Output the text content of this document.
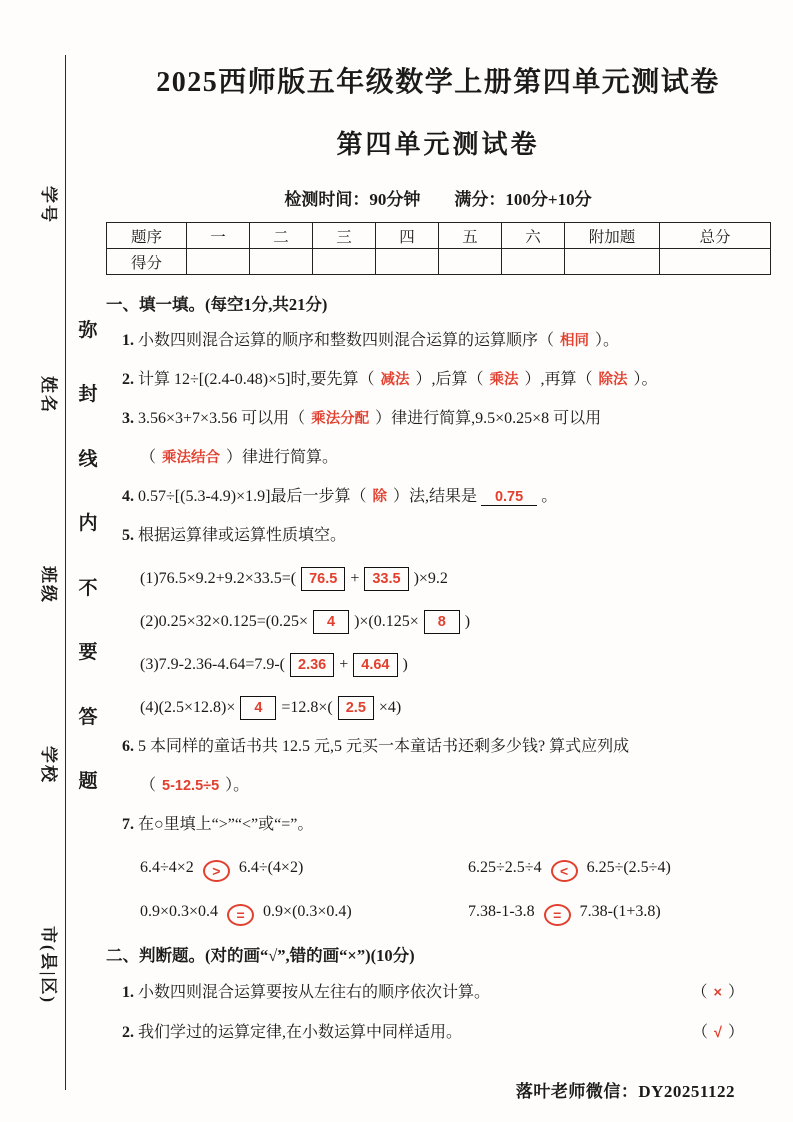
学号
姓名
班级
学校
市(县|区)
弥
封
线
内
不
要
答
题
2025西师版五年级数学上册第四单元测试卷
第四单元测试卷
检测时间：90分钟　　满分：100分+10分
题序	一	二	三	四	五	六	附加题	总分
得分								
一、填一填。(每空1分,共21分)
1. 小数四则混合运算的顺序和整数四则混合运算的运算顺序（ 相同 ）。
2. 计算 12÷[(2.4-0.48)×5]时,要先算（ 减法 ）,后算（ 乘法 ）,再算（ 除法 ）。
3. 3.56×3+7×3.56 可以用（ 乘法分配 ）律进行简算,9.5×0.25×8 可以用
（ 乘法结合 ）律进行简算。
4. 0.57÷[(5.3-4.9)×1.9]最后一步算（ 除 ）法,结果是 0.75 。
5. 根据运算律或运算性质填空。
(1)76.5×9.2+9.2×33.5=( 76.5 + 33.5 )×9.2
(2)0.25×32×0.125=(0.25× 4 )×(0.125× 8 )
(3)7.9-2.36-4.64=7.9-( 2.36 + 4.64 )
(4)(2.5×12.8)× 4 =12.8×( 2.5 ×4)
6. 5 本同样的童话书共 12.5 元,5 元买一本童话书还剩多少钱? 算式应列成
（ 5-12.5÷5 ）。
7. 在○里填上“>”“<”或“=”。
6.4÷4×2 > 6.4÷(4×2)	6.25÷2.5÷4 < 6.25÷(2.5÷4)
0.9×0.3×0.4 = 0.9×(0.3×0.4)	7.38-1-3.8 = 7.38-(1+3.8)
二、判断题。(对的画“√”,错的画“×”)(10分)
1. 小数四则混合运算要按从左往右的顺序依次计算。	（ × ）
2. 我们学过的运算定律,在小数运算中同样适用。	（ √ ）
落叶老师微信：DY20251122
